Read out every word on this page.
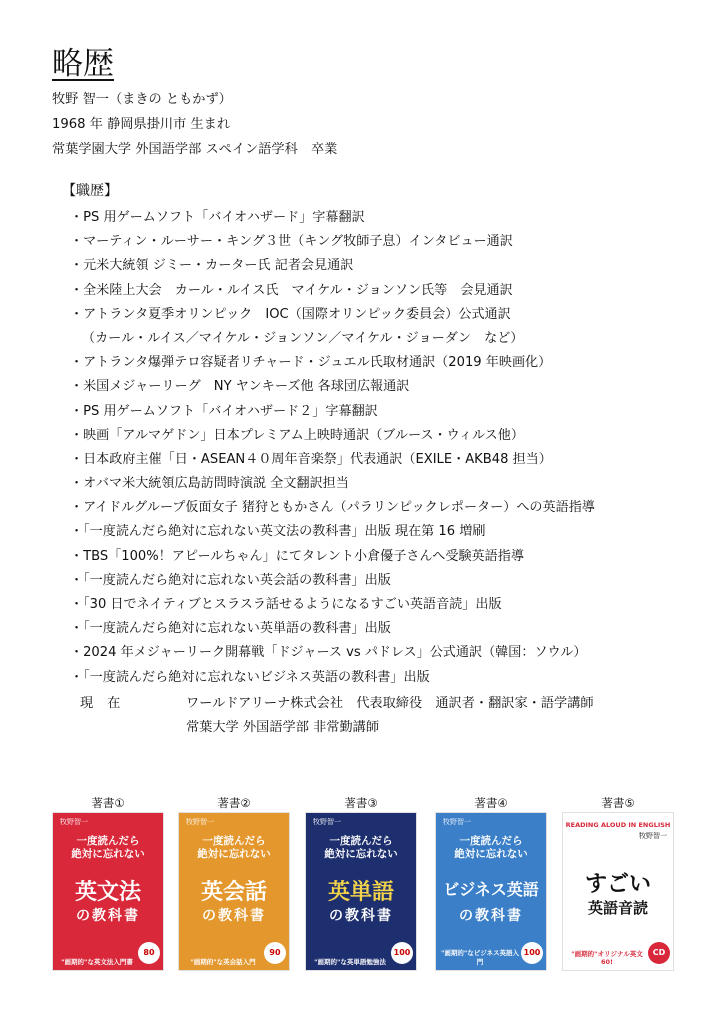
略歴
牧野 智一（まきの ともかず）
1968 年 静岡県掛川市 生まれ
常葉学園大学 外国語学部 スペイン語学科　卒業
【職歴】
・PS 用ゲームソフト「バイオハザード」字幕翻訳
・マーティン・ルーサー・キング３世（キング牧師子息）インタビュー通訳
・元米大統領 ジミー・カーター氏 記者会見通訳
・全米陸上大会　カール・ルイス氏　マイケル・ジョンソン氏等　会見通訳
・アトランタ夏季オリンピック　IOC（国際オリンピック委員会）公式通訳
（カール・ルイス／マイケル・ジョンソン／マイケル・ジョーダン　など）
・アトランタ爆弾テロ容疑者リチャード・ジュエル氏取材通訳（2019 年映画化）
・米国メジャーリーグ　NY ヤンキーズ他 各球団広報通訳
・PS 用ゲームソフト「バイオハザード２」字幕翻訳
・映画「アルマゲドン」日本プレミアム上映時通訳（ブルース・ウィルス他）
・日本政府主催「日・ASEAN４０周年音楽祭」代表通訳（EXILE・AKB48 担当）
・オバマ米大統領広島訪問時演説 全文翻訳担当
・アイドルグループ仮面女子 猪狩ともかさん（パラリンピックレポーター）への英語指導
・「一度読んだら絶対に忘れない英文法の教科書」出版 現在第 16 増刷
・TBS「100%！アピールちゃん」にてタレント小倉優子さんへ受験英語指導
・「一度読んだら絶対に忘れない英会話の教科書」出版
・「30 日でネイティブとスラスラ話せるようになるすごい英語音読」出版
・「一度読んだら絶対に忘れない英単語の教科書」出版
・2024 年メジャーリーク開幕戦「ドジャース vs パドレス」公式通訳（韓国：ソウル）
・「一度読んだら絶対に忘れないビジネス英語の教科書」出版
現在	ワールドアリーナ株式会社　代表取締役　通訳者・翻訳家・語学講師
常葉大学 外国語学部 非常勤講師
著書①
牧野智一
一度読んだら
絶対に忘れない
英文法
の教科書
"画期的"な英文法入門書
80
著書②
牧野智一
一度読んだら
絶対に忘れない
英会話
の教科書
"画期的"な英会話入門
90
著書③
牧野智一
一度読んだら
絶対に忘れない
英単語
の教科書
"画期的"な英単語勉強法
100
著書④
牧野智一
一度読んだら
絶対に忘れない
ビジネス英語
の教科書
"画期的"なビジネス英語入門
100
著書⑤
READING ALOUD IN ENGLISH
牧野智一
すごい
英語音読
"画期的"オリジナル英文60!
CD
